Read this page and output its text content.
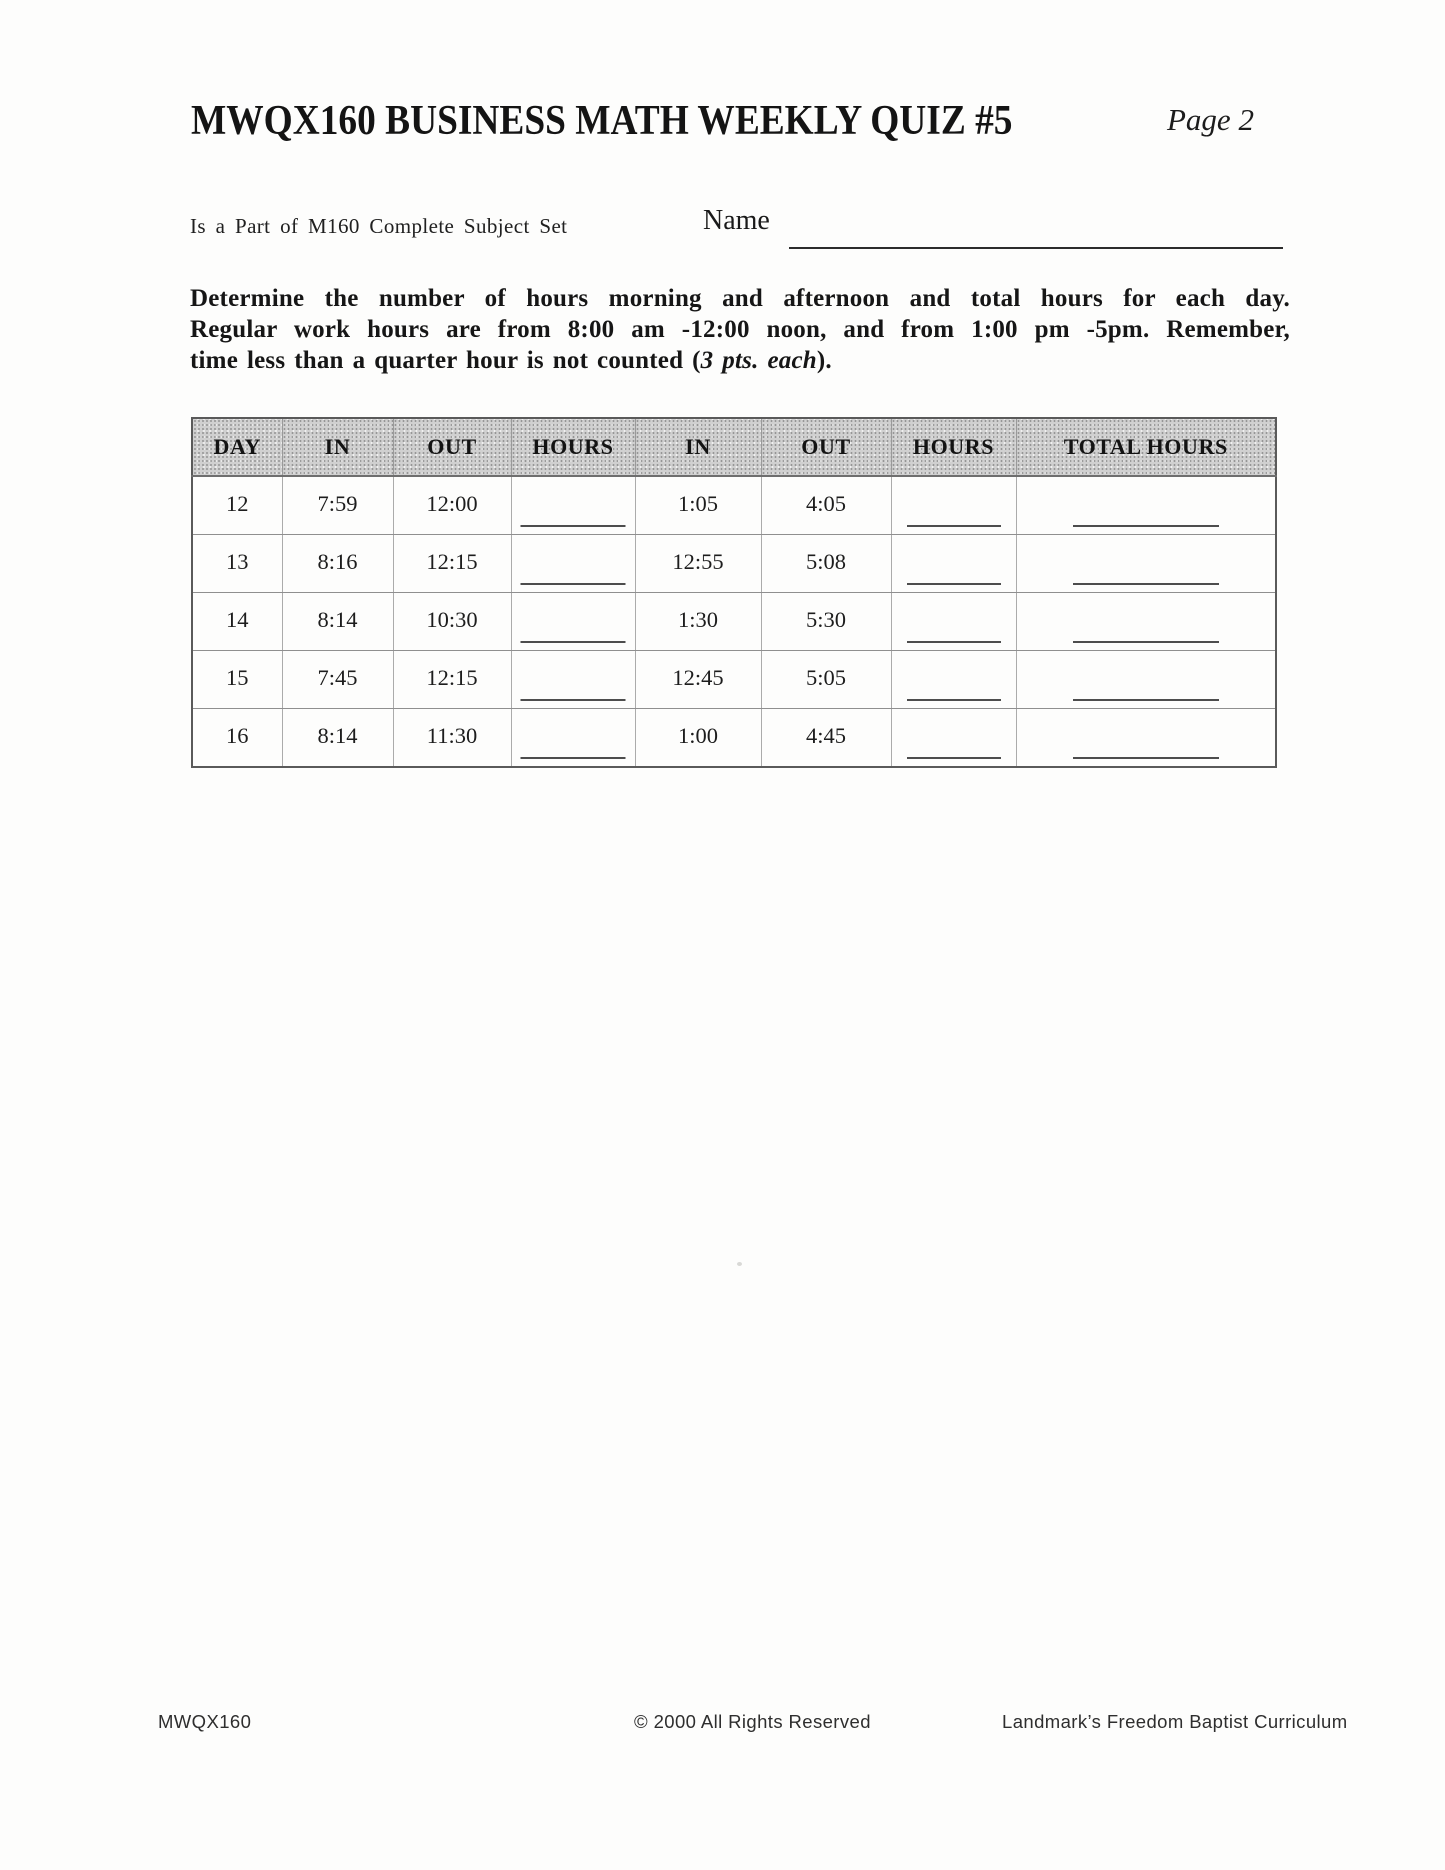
MWQX160 BUSINESS MATH WEEKLY QUIZ #5	Page 2
Is a Part of M160 Complete Subject Set	Name
Determine the number of hours morning and afternoon and total hours for each day.
Regular work hours are from 8:00 am -12:00 noon, and from 1:00 pm -5pm. Remember,
time less than a quarter hour is not counted (3 pts. each).
DAY	IN	OUT	HOURS	IN	OUT	HOURS	TOTAL HOURS
12	7:59	12:00		1:05	4:05	

13	8:16	12:15		12:55	5:08	

14	8:14	10:30		1:30	5:30	

15	7:45	12:15		12:45	5:05	

16	8:14	11:30		1:00	4:45	

MWQX160	© 2000 All Rights Reserved	Landmark’s Freedom Baptist Curriculum
